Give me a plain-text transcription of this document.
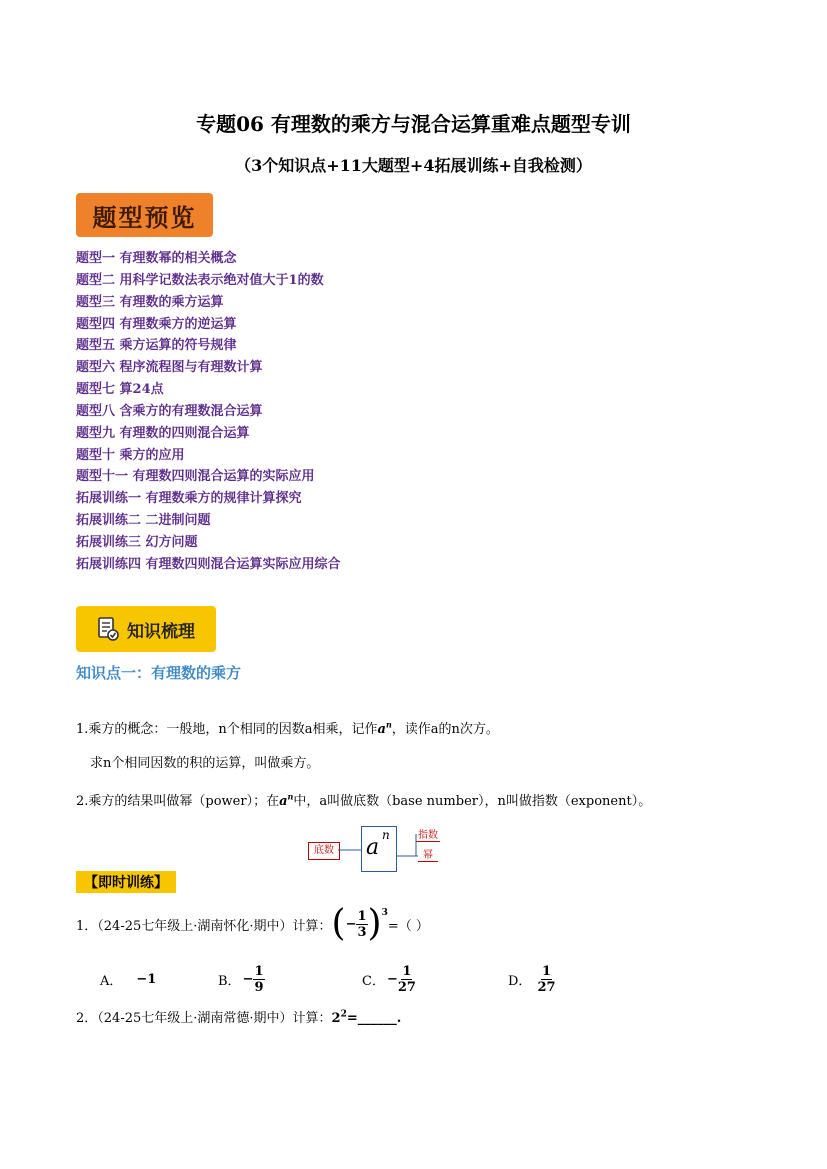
专题06 有理数的乘方与混合运算重难点题型专训
（3个知识点+11大题型+4拓展训练+自我检测）
题型预览
题型一 有理数幂的相关概念
题型二 用科学记数法表示绝对值大于1的数
题型三 有理数的乘方运算
题型四 有理数乘方的逆运算
题型五 乘方运算的符号规律
题型六 程序流程图与有理数计算
题型七 算24点
题型八 含乘方的有理数混合运算
题型九 有理数的四则混合运算
题型十 乘方的应用
题型十一 有理数四则混合运算的实际应用
拓展训练一 有理数乘方的规律计算探究
拓展训练二 二进制问题
拓展训练三 幻方问题
拓展训练四 有理数四则混合运算实际应用综合
知识梳理
知识点一：有理数的乘方
1.乘方的概念：一般地，n个相同的因数a相乘，记作$a^n$，读作a的n次方。
求n个相同因数的积的运算，叫做乘方。
2.乘方的结果叫做幂（power）；在$a^n$中，a叫做底数（base number），n叫做指数（exponent）。
底数 a n	指数
幂
【即时训练】
1．（24-25七年级上·湖南怀化·期中）计算： ( − $\frac{1}{3}$ ) 3
=（ ）
A． − 1	B． − $\frac{1}{9}$	C． − $\frac{1}{27}$	D． $\frac{1}{27}$
2．（24-25七年级上·湖南常德·期中）计算：$2^2=\_\_\_\_\_\_$.
